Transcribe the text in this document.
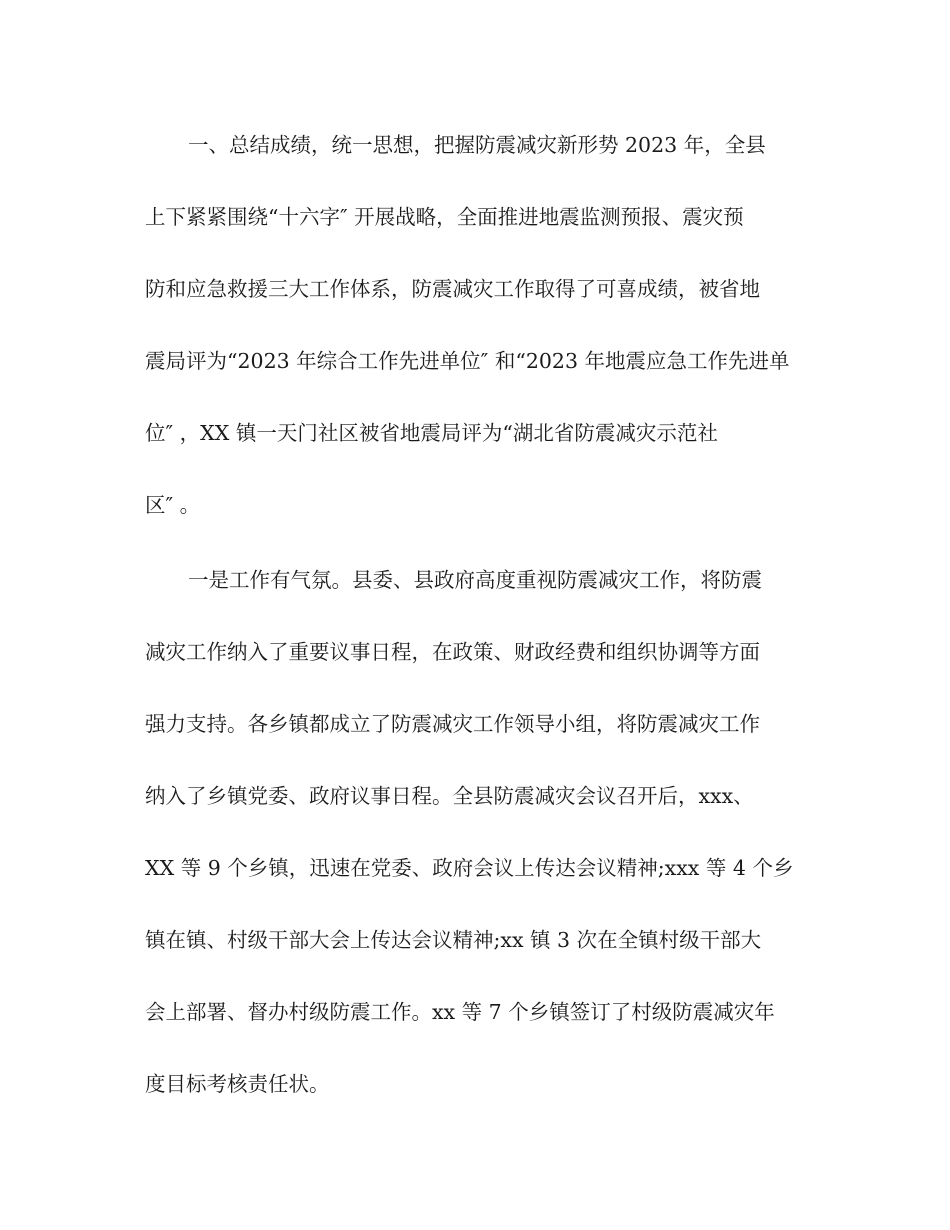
一、总结成绩，统一思想，把握防震减灾新形势 2023 年，全县
上下紧紧围绕“十六字″ 开展战略，全面推进地震监测预报、震灾预
防和应急救援三大工作体系，防震减灾工作取得了可喜成绩，被省地
震局评为“2023 年综合工作先进单位″ 和“2023 年地震应急工作先进单
位″ ，XX 镇一天门社区被省地震局评为“湖北省防震减灾示范社
区″ 。
一是工作有气氛。县委、县政府高度重视防震减灾工作，将防震
减灾工作纳入了重要议事日程，在政策、财政经费和组织协调等方面
强力支持。各乡镇都成立了防震减灾工作领导小组，将防震减灾工作
纳入了乡镇党委、政府议事日程。全县防震减灾会议召开后，xxx、
XX 等 9 个乡镇，迅速在党委、政府会议上传达会议精神;xxx 等 4 个乡
镇在镇、村级干部大会上传达会议精神;xx 镇 3 次在全镇村级干部大
会上部署、督办村级防震工作。xx 等 7 个乡镇签订了村级防震减灾年
度目标考核责任状。
